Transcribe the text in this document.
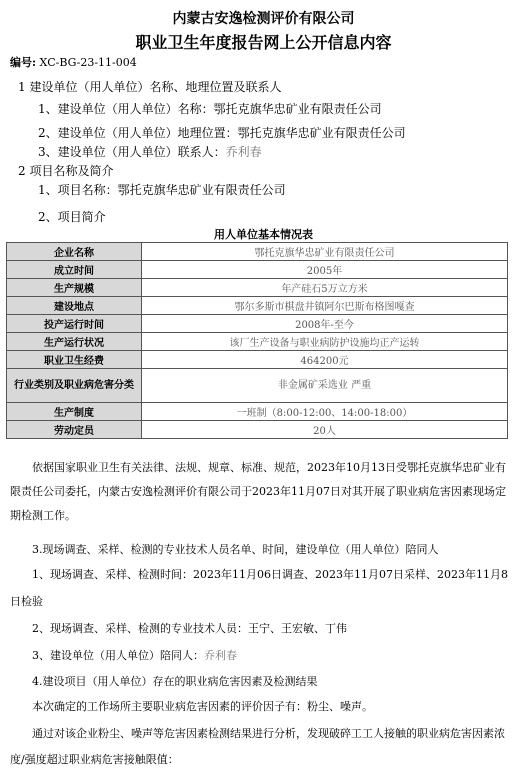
内蒙古安逸检测评价有限公司
职业卫生年度报告网上公开信息内容
编号: XC-BG-23-11-004
1 建设单位（用人单位）名称、地理位置及联系人
1、建设单位（用人单位）名称：鄂托克旗华忠矿业有限责任公司
2、建设单位（用人单位）地理位置：鄂托克旗华忠矿业有限责任公司
3、建设单位（用人单位）联系人：乔利春
2 项目名称及简介
1、项目名称：鄂托克旗华忠矿业有限责任公司
2、项目简介
用人单位基本情况表
企业名称	鄂托克旗华忠矿业有限责任公司
成立时间	2005年
生产规模	年产硅石5万立方米
建设地点	鄂尔多斯市棋盘井镇阿尔巴斯布格图嘎查
投产运行时间	2008年-至今
生产运行状况	该厂生产设备与职业病防护设施均正产运转
职业卫生经费	464200元
行业类别及职业病危害分类	非金属矿采选业 严重
生产制度	一班制（8:00-12:00、14:00-18:00）
劳动定员	20人
依据国家职业卫生有关法律、法规、规章、标准、规范，2023年10月13日受鄂托克旗华忠矿业有
限责任公司委托，内蒙古安逸检测评价有限公司于2023年11月07日对其开展了职业病危害因素现场定
期检测工作。
3.现场调查、采样、检测的专业技术人员名单、时间，建设单位（用人单位）陪同人
1、现场调查、采样、检测时间：2023年11月06日调查、2023年11月07日采样、2023年11月8
日检验
2、现场调查、采样、检测的专业技术人员：王宁、王宏敏、丁伟
3、建设单位（用人单位）陪同人：乔利春
4.建设项目（用人单位）存在的职业病危害因素及检测结果
本次确定的工作场所主要职业病危害因素的评价因子有：粉尘、噪声。
通过对该企业粉尘、噪声等危害因素检测结果进行分析，发现破碎工工人接触的职业病危害因素浓
度/强度超过职业病危害接触限值：
